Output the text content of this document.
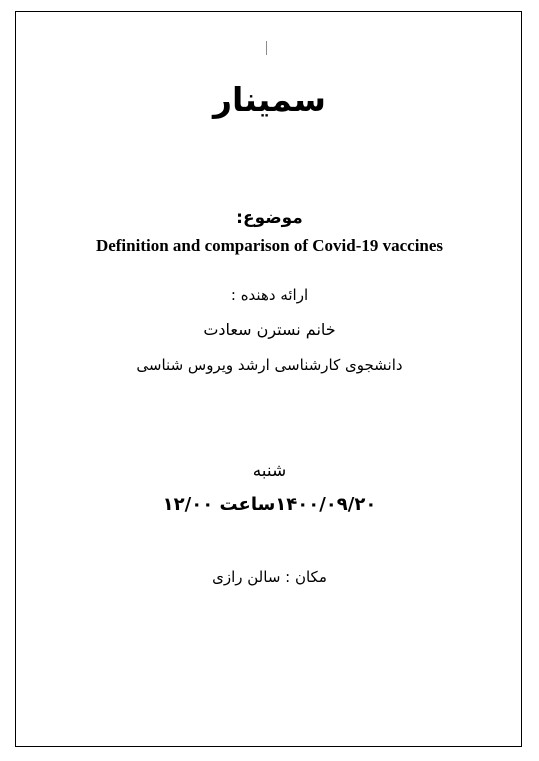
سمینار
موضوع:
Definition and comparison of Covid-19 vaccines
ارائه دهنده :
خانم نسترن سعادت
دانشجوی کارشناسی ارشد ویروس شناسی
شنبه
۱۴۰۰/۰۹/۲۰ساعت ۱۲/۰۰
مکان : سالن رازی
